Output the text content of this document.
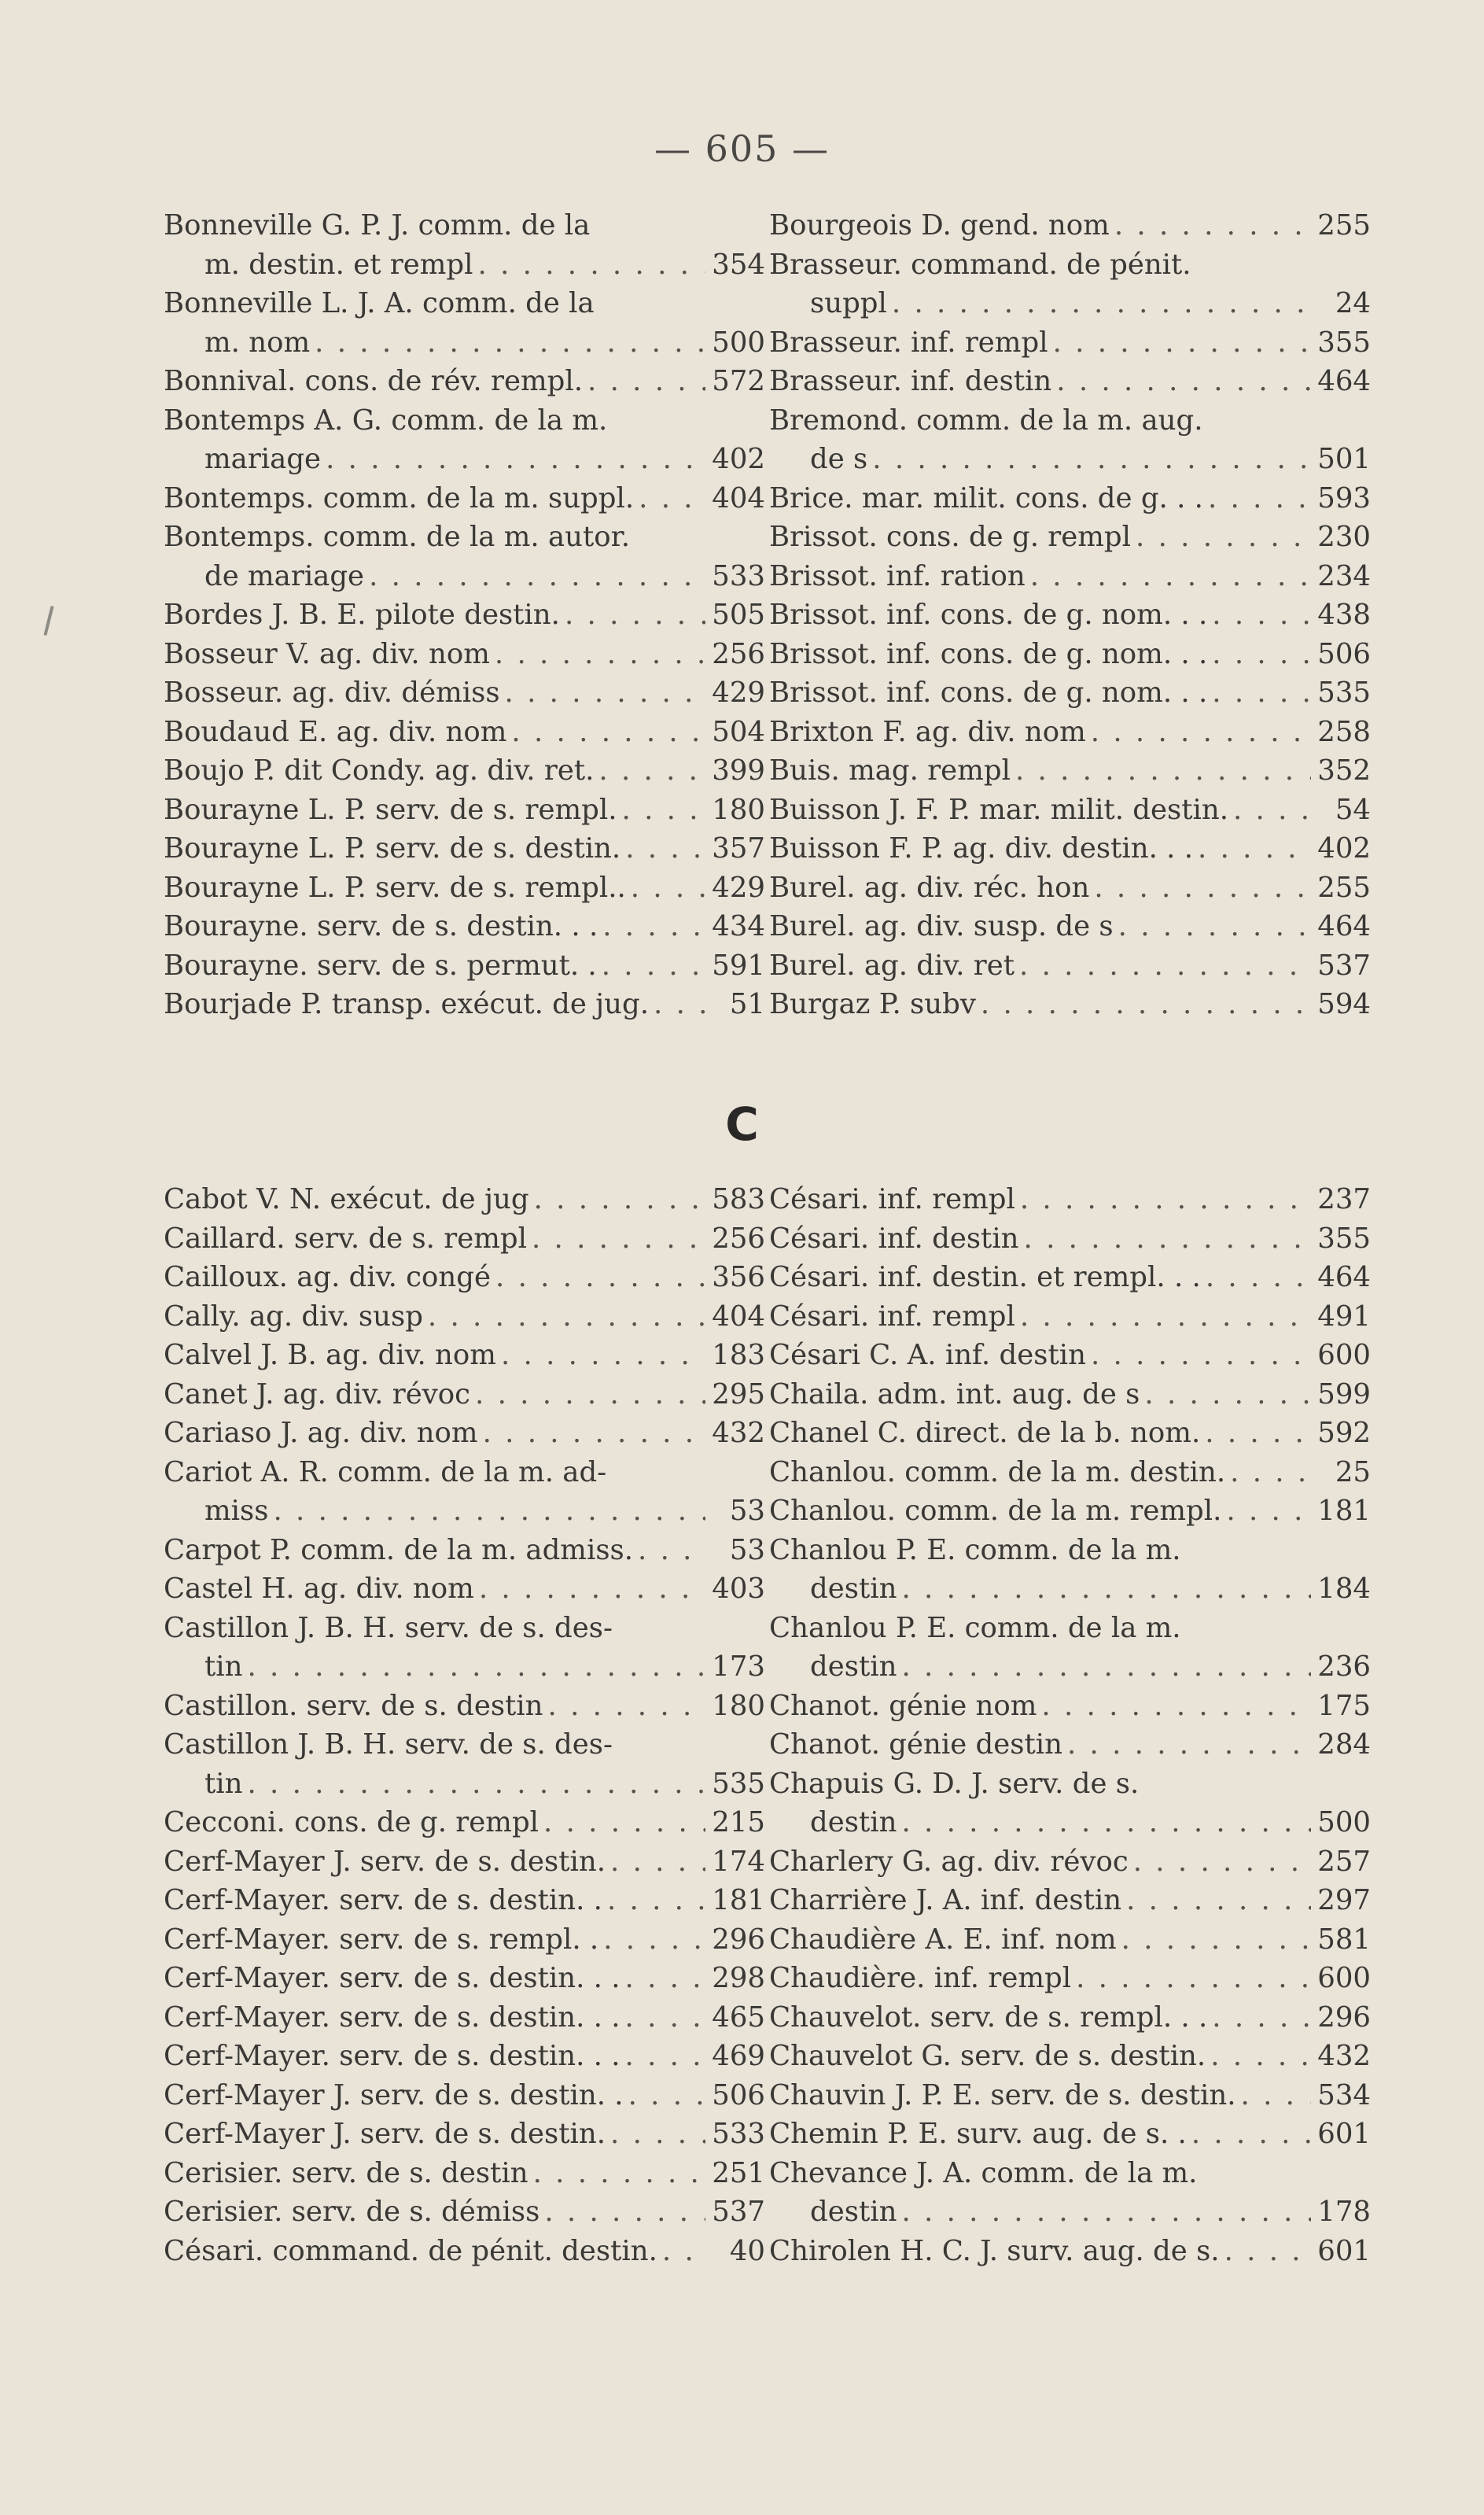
— 605 —
Bonneville G. P. J. comm. de la
m. destin. et rempl . . .	354
Bonneville L. J. A. comm. de la
m. nom . . .	500
Bonnival. cons. de rév. rempl. . . .	572
Bontemps A. G. comm. de la m.
mariage . . .	402
Bontemps. comm. de la m. suppl. . . .	404
Bontemps. comm. de la m. autor.
de mariage . . .	533
Bordes J. B. E. pilote destin. . . .	505
Bosseur V. ag. div. nom . . .	256
Bosseur. ag. div. démiss . . .	429
Boudaud E. ag. div. nom . . .	504
Boujo P. dit Condy. ag. div. ret. . . .	399
Bourayne L. P. serv. de s. rempl. . . .	180
Bourayne L. P. serv. de s. destin. . . .	357
Bourayne L. P. serv. de s. rempl.. . . .	429
Bourayne. serv. de s. destin. . . . . .	434
Bourayne. serv. de s. permut. . . . .	591
Bourjade P. transp. exécut. de jug. . . .	51
Bourgeois D. gend. nom . . .	255
Brasseur. command. de pénit.
suppl . . .	24
Brasseur. inf. rempl . . .	355
Brasseur. inf. destin . . .	464
Bremond. comm. de la m. aug.
de s . . .	501
Brice. mar. milit. cons. de g. . . . . .	593
Brissot. cons. de g. rempl . . .	230
Brissot. inf. ration . . .	234
Brissot. inf. cons. de g. nom. . . . . .	438
Brissot. inf. cons. de g. nom. . . . . .	506
Brissot. inf. cons. de g. nom. . . . . .	535
Brixton F. ag. div. nom . . .	258
Buis. mag. rempl . . .	352
Buisson J. F. P. mar. milit. destin. . . .	54
Buisson F. P. ag. div. destin. . . . . .	402
Burel. ag. div. réc. hon . . .	255
Burel. ag. div. susp. de s . . .	464
Burel. ag. div. ret . . .	537
Burgaz P. subv . . .	594
C
Cabot V. N. exécut. de jug . . .	583
Caillard. serv. de s. rempl . . .	256
Cailloux. ag. div. congé . . .	356
Cally. ag. div. susp . . .	404
Calvel J. B. ag. div. nom . . .	183
Canet J. ag. div. révoc . . .	295
Cariaso J. ag. div. nom . . .	432
Cariot A. R. comm. de la m. ad-
miss . . .	53
Carpot P. comm. de la m. admiss. . . .	53
Castel H. ag. div. nom . . .	403
Castillon J. B. H. serv. de s. des-
tin . . .	173
Castillon. serv. de s. destin . . .	180
Castillon J. B. H. serv. de s. des-
tin . . .	535
Cecconi. cons. de g. rempl . . .	215
Cerf-Mayer J. serv. de s. destin. . . .	174
Cerf-Mayer. serv. de s. destin. . . . .	181
Cerf-Mayer. serv. de s. rempl. . . . .	296
Cerf-Mayer. serv. de s. destin. . . . . .	298
Cerf-Mayer. serv. de s. destin. . . . . .	465
Cerf-Mayer. serv. de s. destin. . . . . .	469
Cerf-Mayer J. serv. de s. destin. . . . .	506
Cerf-Mayer J. serv. de s. destin. . . .	533
Cerisier. serv. de s. destin . . .	251
Cerisier. serv. de s. démiss . . .	537
Césari. command. de pénit. destin. . . .	40
Césari. inf. rempl . . .	237
Césari. inf. destin . . .	355
Césari. inf. destin. et rempl. . . . . .	464
Césari. inf. rempl . . .	491
Césari C. A. inf. destin . . .	600
Chaila. adm. int. aug. de s . . .	599
Chanel C. direct. de la b. nom. . . .	592
Chanlou. comm. de la m. destin. . . .	25
Chanlou. comm. de la m. rempl. . . .	181
Chanlou P. E. comm. de la m.
destin . . .	184
Chanlou P. E. comm. de la m.
destin . . .	236
Chanot. génie nom . . .	175
Chanot. génie destin . . .	284
Chapuis G. D. J. serv. de s.
destin . . .	500
Charlery G. ag. div. révoc . . .	257
Charrière J. A. inf. destin . . .	297
Chaudière A. E. inf. nom . . .	581
Chaudière. inf. rempl . . .	600
Chauvelot. serv. de s. rempl. . . . . .	296
Chauvelot G. serv. de s. destin. . . .	432
Chauvin J. P. E. serv. de s. destin. . . .	534
Chemin P. E. surv. aug. de s. . . . .	601
Chevance J. A. comm. de la m.
destin . . .	178
Chirolen H. C. J. surv. aug. de s. . . .	601
